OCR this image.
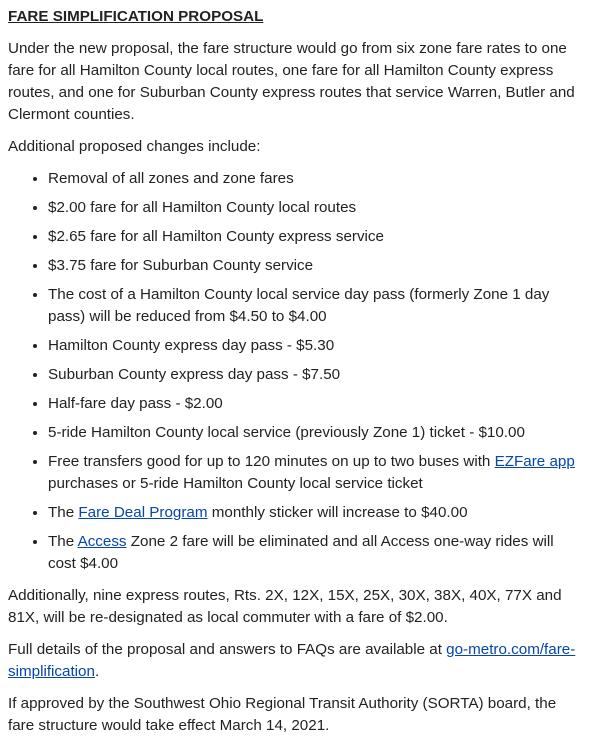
FARE SIMPLIFICATION PROPOSAL

Under the new proposal, the fare structure would go from six zone fare rates to one fare for all Hamilton County local routes, one fare for all Hamilton County express routes, and one for Suburban County express routes that service Warren, Butler and Clermont counties.

Additional proposed changes include:

• Removal of all zones and zone fares
• $2.00 fare for all Hamilton County local routes
• $2.65 fare for all Hamilton County express service
• $3.75 fare for Suburban County service
• The cost of a Hamilton County local service day pass (formerly Zone 1 day pass) will be reduced from $4.50 to $4.00
• Hamilton County express day pass - $5.30
• Suburban County express day pass - $7.50
• Half-fare day pass - $2.00
• 5-ride Hamilton County local service (previously Zone 1) ticket - $10.00
• Free transfers good for up to 120 minutes on up to two buses with EZFare app purchases or 5-ride Hamilton County local service ticket
• The Fare Deal Program monthly sticker will increase to $40.00
• The Access Zone 2 fare will be eliminated and all Access one-way rides will cost $4.00

Additionally, nine express routes, Rts. 2X, 12X, 15X, 25X, 30X, 38X, 40X, 77X and 81X, will be re-designated as local commuter with a fare of $2.00.

Full details of the proposal and answers to FAQs are available at go-metro.com/fare-simplification.

If approved by the Southwest Ohio Regional Transit Authority (SORTA) board, the fare structure would take effect March 14, 2021.
